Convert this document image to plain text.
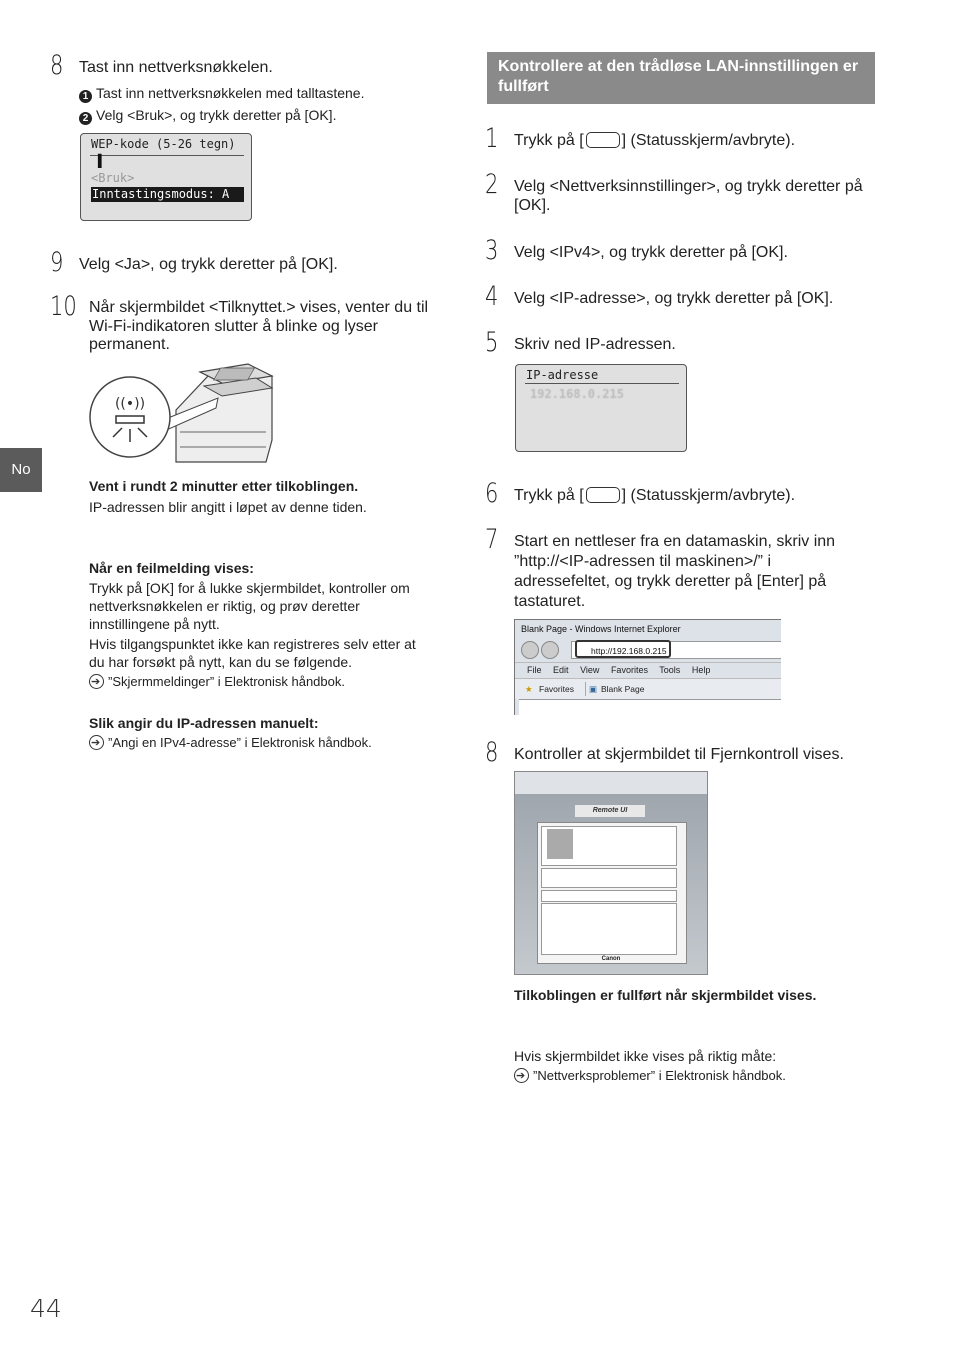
No
8 Tast inn nettverksnøkkelen.
1 Tast inn nettverksnøkkelen med talltastene.
2 Velg <Bruk>, og trykk deretter på [OK].
WEP-kode (5-26 tegn)
▌
<Bruk>
Inntastingsmodus: A
9 Velg <Ja>, og trykk deretter på [OK].
10 Når skjermbildet <Tilknyttet.> vises, venter du til Wi-Fi-indikatoren slutter å blinke og lyser permanent.
((•))
Vent i rundt 2 minutter etter tilkoblingen.
IP-adressen blir angitt i løpet av denne tiden.
Når en feilmelding vises:
Trykk på [OK] for å lukke skjermbildet, kontroller om nettverksnøkkelen er riktig, og prøv deretter innstillingene på nytt.
Hvis tilgangspunktet ikke kan registreres selv etter at du har forsøkt på nytt, kan du se følgende.
➔”Skjermmeldinger” i Elektronisk håndbok.
Slik angir du IP-adressen manuelt:
➔”Angi en IPv4-adresse” i Elektronisk håndbok.
Kontrollere at den trådløse LAN-innstillingen er fullført
1 Trykk på [ ] (Statusskjerm/avbryte).
2 Velg <Nettverksinnstillinger>, og trykk deretter på [OK].
3 Velg <IPv4>, og trykk deretter på [OK].
4 Velg <IP-adresse>, og trykk deretter på [OK].
5 Skriv ned IP-adressen.
IP-adresse
192.168.0.215
6 Trykk på [ ] (Statusskjerm/avbryte).
7 Start en nettleser fra en datamaskin, skriv inn ”http://<IP-adressen til maskinen>/” i adressefeltet, og trykk deretter på [Enter] på tastaturet.
Blank Page - Windows Internet Explorer
http://192.168.0.215
File Edit View Favorites Tools Help
★ Favorites ▣ Blank Page
8 Kontroller at skjermbildet til Fjernkontroll vises.
Remote UI
Canon
Tilkoblingen er fullført når skjermbildet vises.
Hvis skjermbildet ikke vises på riktig måte:
➔”Nettverksproblemer” i Elektronisk håndbok.
44
